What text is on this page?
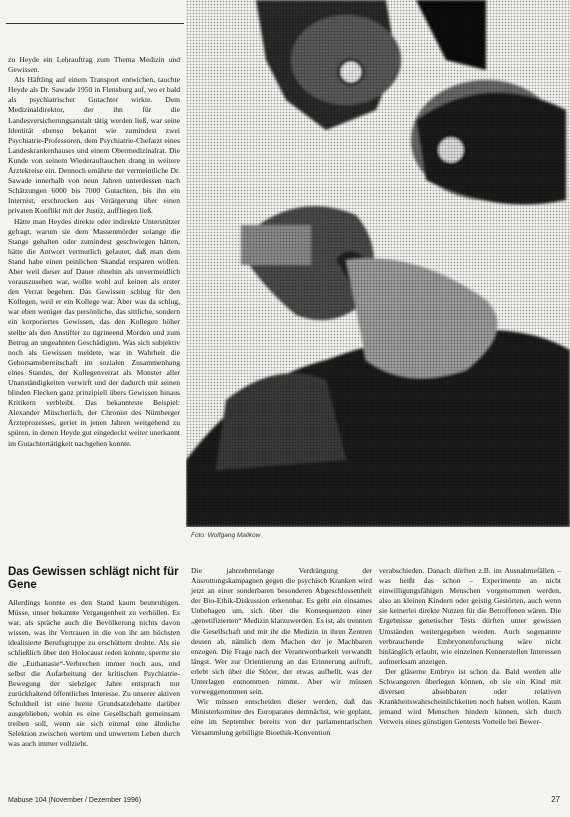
zu Heyde ein Lehrauftrag zum Thema Medizin und Gewissen.

Als Häftling auf einem Transport entwichen, tauchte Heyde als Dr. Sawade 1950 in Flensburg auf, wo er bald als psychiatrischer Gutachter wirkte. Dem Medizinaldirektor, der ihn für die Landesversicherungsanstalt tätig werden ließ, war seine Identität ebenso bekannt wie zumindest zwei Psychiatrie-Professoren, dem Psychiatrie-Chefarzt eines Landeskrankenhauses und einem Obermedizinalrat. Die Kunde von seinem Wiederauftauchen drang in weitere Ärztekreise ein. Dennoch ernährte der vermeintliche Dr. Sawade innerhalb von neun Jahren unterdessen nach Schätzungen 6000 bis 7000 Gutachten, bis ihn ein Internist, erschrocken aus Verärgerung über einen privaten Konflikt mit der Justiz, auffliegen ließ.

Hätte man Heydes direkte oder indirekte Unterstützer gefragt, warum sie dem Massenmörder solange die Stange gehalten oder zumindest geschwiegen hätten, hätte die Antwort vermutlich gelautet, daß man dem Stand habe einen peinlichen Skandal ersparen wollen. Aber weil dieser auf Dauer ohnehin als unvermeidlich vorauszusehen war, wollte wohl auf keinen als erster den Verrat begehen. Das Gewissen schlug für den Kollegen, weil er ein Kollege war. Aber was da schlug, war eben weniger das persönliche, das sittliche, sondern ein korporiertes Gewissen, das den Kollegen höher stellte als den Anstifter zu tigrineend Morden und zum Betrug an ungeahnten Geschädigten. Was sich subjektiv noch als Gewissen meldete, war in Wahrheit die Gehorsamsbereitschaft im sozialen Zusammenhang eines Standes, der Kollegenverrat als Monster aller Unanständigkeiten verwirft und der dadurch mit seinen blinden Flecken ganz prinzipiell übers Gewissen hinaus Kritikern verbleibt. Das bekannteste Beispiel: Alexander Mitscherlich, der Chronist des Nürnberger Ärzteprozesses, geriet in jenen Jahren weitgehend zu spüren, in denen Heyde gut eingedeckt weiter unerkannt im Gutachtertätigkeit nachgehen konnte.

Foto: Wolfgang Mallkow
Das Gewissen schlägt nicht für Gene

Allerdings konnte es den Stand kaum beunruhigen. Müsse, unser bekannte Vergangenheit zu verhüllen. Es war, als spräche auch die Bevölkerung nichts davon wissen, was ihr Vertrauen in die von ihr am höchsten idealisierte Berufsgruppe zu erschüttern drohte. Als sie schließlich über den Holocaust reden konnte, sperrte sie die „Euthanasie“-Verbrechen immer noch aus, und selbst die Aufarbeitung der kritischen Psychiatrie-Bewegung der siebziger Jahre entsprach nur zurückhaltend öffentliches Interesse. Zu unserer aktiven Schuldteil ist eine breite Grundsatzdebatte darüber ausgeblieben, wohin es eine Gesellschaft gemeinsam treiben soll, wenn sie sich einmal eine ähnliche Selektion zwischen wertem und unwertem Leben durch was auch immer vollzieht.

Die jahrzehntelange Verdrängung der Ausrottungskampagnen gegen die psychisch Kranken wird jetzt an einer sonderbaren besonderen Abgeschlossenheit der Bio-Ethik-Diskussion erkennbar. Es geht ein einsames Unbehagen um, sich über die Konsequenzen einer „genetifizierten“ Medizin klarzuwerden. Es ist, als trennten die Gesellschaft und mit ihr die Medizin in ihren Zentren dessen ab, nämlich dem Machen der je Machbaren enzogen. Die Frage nach der Verantwortbarkeit verwandlt längst. Wer zur Orientierung an das Erinnerung aufruft, erlebt sich über die Störer, der etwas aufhellt, was der Unterlagen entnommen nimmt. Aber wir müssen vorweggenommen sein.

Wir müssen entscheiden dieser werden, daß das Ministerkomitee des Europarates demnächst, wie geplant, eine im September bereits von der parlamentarischen Versammlung gebilligte Bioethik-Konvention

verabschieden. Danach dürften z.B. im Ausnahmefällen – was heißt das schon – Experimente an nicht einwilligungsfähigen Menschen vorgenommen werden, also an kleinen Kindern oder geistig Gestörten, auch wenn sie keinerlei direkte Nutzen für die Betroffenen wären. Die Ergebnisse genetischer Tests dürften unter gewissen Umständen weitergegeben werden. Auch sogenannte verbrauchende Embryonenforschung wäre nicht hinlänglich erlaubt, wie einzelnen Kennerstellen Interessen aufmerksam anzeigen.

Der gläserne Embryo ist schon da. Bald werden alle Schwangeren überlegen können, ob sie ein Kind mit diversen absehbaren oder relativen Krankheitswahrscheinlichkeiten noch haben wollen. Kaum jemand wird Menschen hindern können, sich durch Verweis eines günstigen Gentests Vorteile bei Bewer-

Mabuse 104 (November / Dezember 1996)	27
